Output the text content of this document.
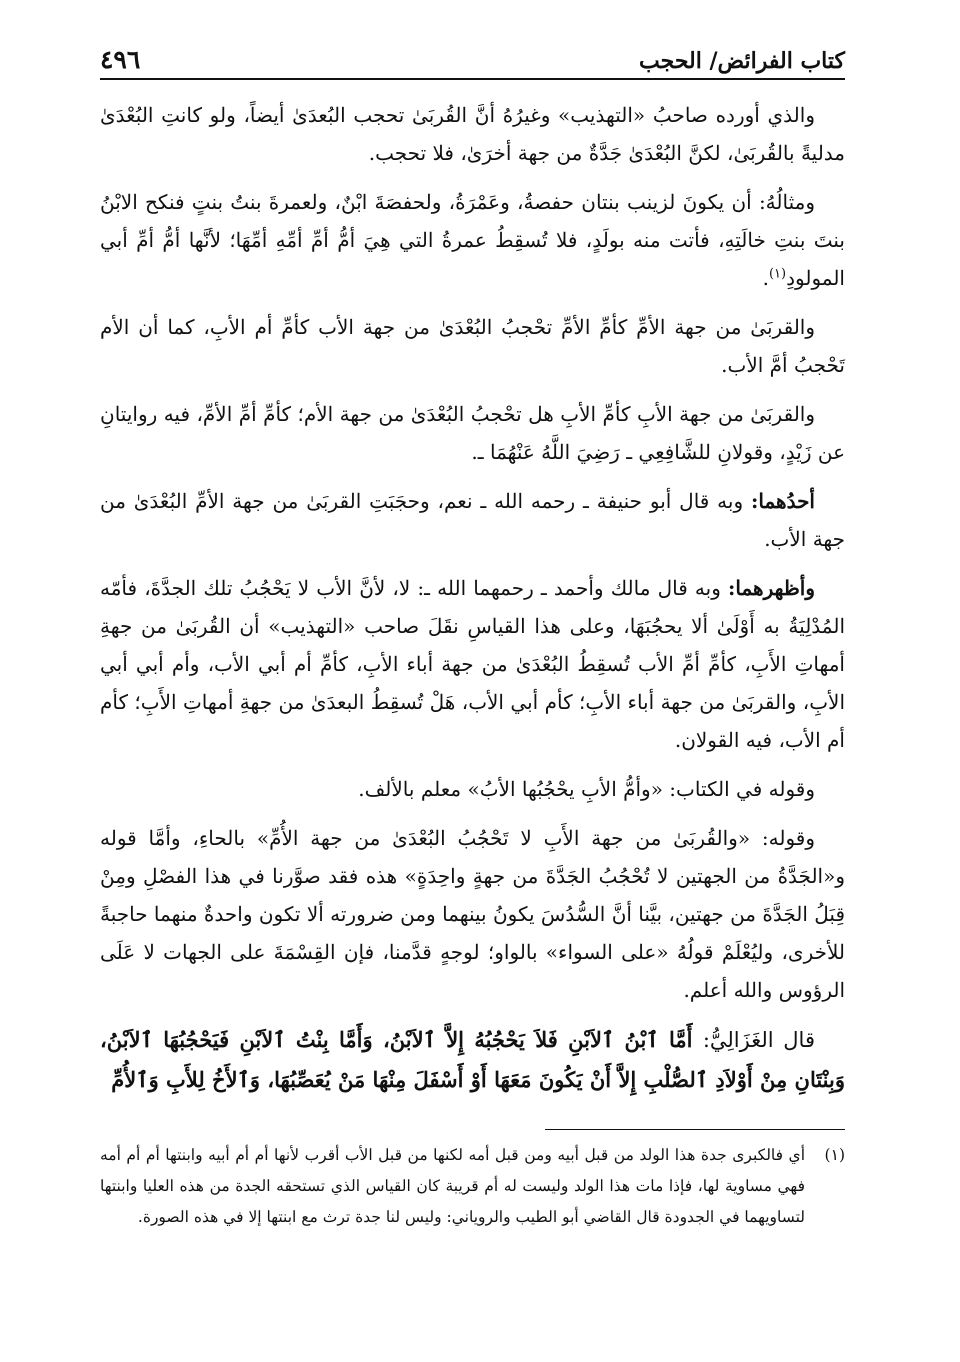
٤٩٦	كتاب الفرائض/ الحجب

والذي أورده صاحبُ «التهذيب» وغيرُهُ أنَّ القُربَىٰ تحجب البُعدَىٰ أيضاً، ولو كانتِ البُعْدَىٰ مدليةً بالقُربَىٰ، لكنَّ البُعْدَىٰ جَدَّةٌ من جهة أخرَىٰ، فلا تحجب.

ومثالُهُ: أن يكونَ لزينب بنتان حفصةُ، وعَمْرَةُ، ولحفصَةَ ابْنٌ، ولعمرةَ بنتُ بنتٍ فنكح الابْنُ بنتَ بنتِ خالَتِهِ، فأتت منه بولَدٍ، فلا تُسقِطُ عمرةُ التي هِيَ أمُّ أمِّ أمِّهِ أمِّهَا؛ لأنَّها أمُّ أمِّ أبي المولودِ$^{(١)}$.

والقربَىٰ من جهة الأمِّ كأمِّ الأمِّ تحْجبُ البُعْدَىٰ من جهة الأب كأمِّ أم الأبِ، كما أن الأم تَحْجبُ أمَّ الأب.

والقربَىٰ من جهة الأبِ كأمِّ الأبِ هل تحْجبُ البُعْدَىٰ من جهة الأم؛ كأمِّ أمِّ الأمِّ، فيه روايتانِ عن زَيْدٍ، وقولانِ للشَّافِعِي ـ رَضِيَ اللَّهُ عَنْهُمَا ـ.

أحدُهما: وبه قال أبو حنيفة ـ رحمه الله ـ نعم، وحجَبَتِ القربَىٰ من جهة الأمِّ البُعْدَىٰ من جهة الأب.

وأظهرهما: وبه قال مالك وأحمد ـ رحمهما الله ـ: لا، لأنَّ الأب لا يَحْجُبُ تلك الجدَّةَ، فأمّه المُدْلِيَةُ به أَوْلَىٰ ألا يحجُبَهَا، وعلى هذا القياسِ نقَلَ صاحب «التهذيب» أن القُربَىٰ من جهةِ أمهاتِ الأَبِ، كأمِّ أمِّ الأب تُسقِطُ البُعْدَىٰ من جهة أباء الأبِ، كأمِّ أم أبي الأب، وأم أبي أبي الأبِ، والقربَىٰ من جهة أباء الأبِ؛ كأم أبي الأب، هَلْ تُسقِطُ البعدَىٰ من جهةِ أمهاتِ الأَبِ؛ كأم أم الأب، فيه القولان.

وقوله في الكتاب: «وأمُّ الأبِ يحْجُبُها الأبُ» معلم بالألف.

وقوله: «والقُربَىٰ من جهة الأَبِ لا تَحْجُبُ البُعْدَىٰ من جهة الأُمِّ» بالحاءِ، وأمَّا قوله و«الجَدَّةُ من الجهتين لا تُحْجُبُ الجَدَّةَ من جهةٍ واحِدَةٍ» هذه فقد صوَّرنا في هذا الفصْلِ ومِنْ قِبَلُ الجَدَّةَ من جهتين، بيَّنا أنَّ السُّدُسَ يكونُ بينهما ومن ضرورته ألا تكون واحدةٌ منهما حاجبةً للأخرى، وليُعْلَمْ قولُهُ «على السواء» بالواو؛ لوجهٍ قدَّمنا، فإن القِسْمَةَ على الجهات لا عَلَى الرؤوس والله أعلم.

قال الغَزَالِيُّ: أَمَّا ٱبْنُ ٱلاَبْنِ فَلاَ يَحْجُبُهُ إِلاَّ ٱلاَبْنُ، وَأَمَّا بِنْتُ ٱلاَبْنِ فَيَحْجُبُهَا ٱلاَبْنُ، وَبِنْتَانِ مِنْ أَوْلاَدِ ٱلصُّلْبِ إِلاَّ أَنْ يَكُونَ مَعَهَا أَوْ أَسْفَلَ مِنْهَا مَنْ يُعَصِّبُهَا، وَٱلأَخُ لِلأَبِ وَٱلأُمِّ

(١)
أي فالكبرى جدة هذا الولد من قبل أبيه ومن قبل أمه لكنها من قبل الأب أقرب لأنها أم أم أبيه وابنتها أم أم أمه فهي مساوية لها، فإذا مات هذا الولد وليست له أم قريبة كان القياس الذي تستحقه الجدة من هذه العليا وابنتها لتساويهما في الجدودة قال القاضي أبو الطيب والروياني: وليس لنا جدة ترث مع ابنتها إلا في هذه الصورة.
